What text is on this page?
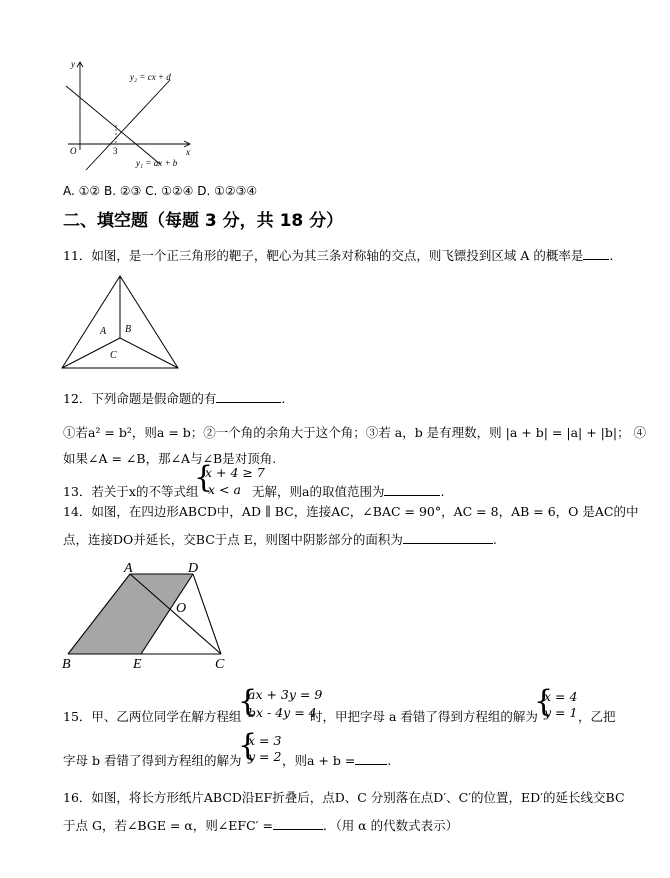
y
x
O	3
y₂ = cx + d
y₁ = ax + b
A. ①② B. ②③ C. ①②④ D. ①②③④
二、填空题（每题 3 分，共 18 分）
11．如图，是一个正三角形的靶子，靶心为其三条对称轴的交点，则飞镖投到区域 A 的概率是 .
A B
C
12．下列命题是假命题的有	.
①若a² = b²，则a = b；②一个角的余角大于这个角；③若 a，b 是有理数，则 |a + b| = |a| + |b|； ④
如果∠A = ∠B，那∠A与∠B是对顶角.
13．若关于x的不等式组
{
x + 4 ≥ 7
x < a 无解，则a的取值范围为	.
14．如图，在四边形ABCD中，AD ∥ BC，连接AC，∠BAC = 90°，AC = 8，AB = 6，O 是AC的中
点，连接DO并延长，交BC于点 E，则图中阴影部分的面积为	.
A	D
O
B	E	C
15．甲、乙两位同学在解方程组
{
ax + 3y = 9
bx - 4y = 4
时，甲把字母 a 看错了得到方程组的解为
{
x = 4
y = 1 ，乙把
字母 b 看错了得到方程组的解为
{
x = 3
y = 2 ，则a + b =	.
16．如图，将长方形纸片ABCD沿EF折叠后，点D、C 分别落在点D′、C′的位置，ED′的延长线交BC
于点 G，若∠BGE = α，则∠EFC′ =	．（用 α 的代数式表示）
